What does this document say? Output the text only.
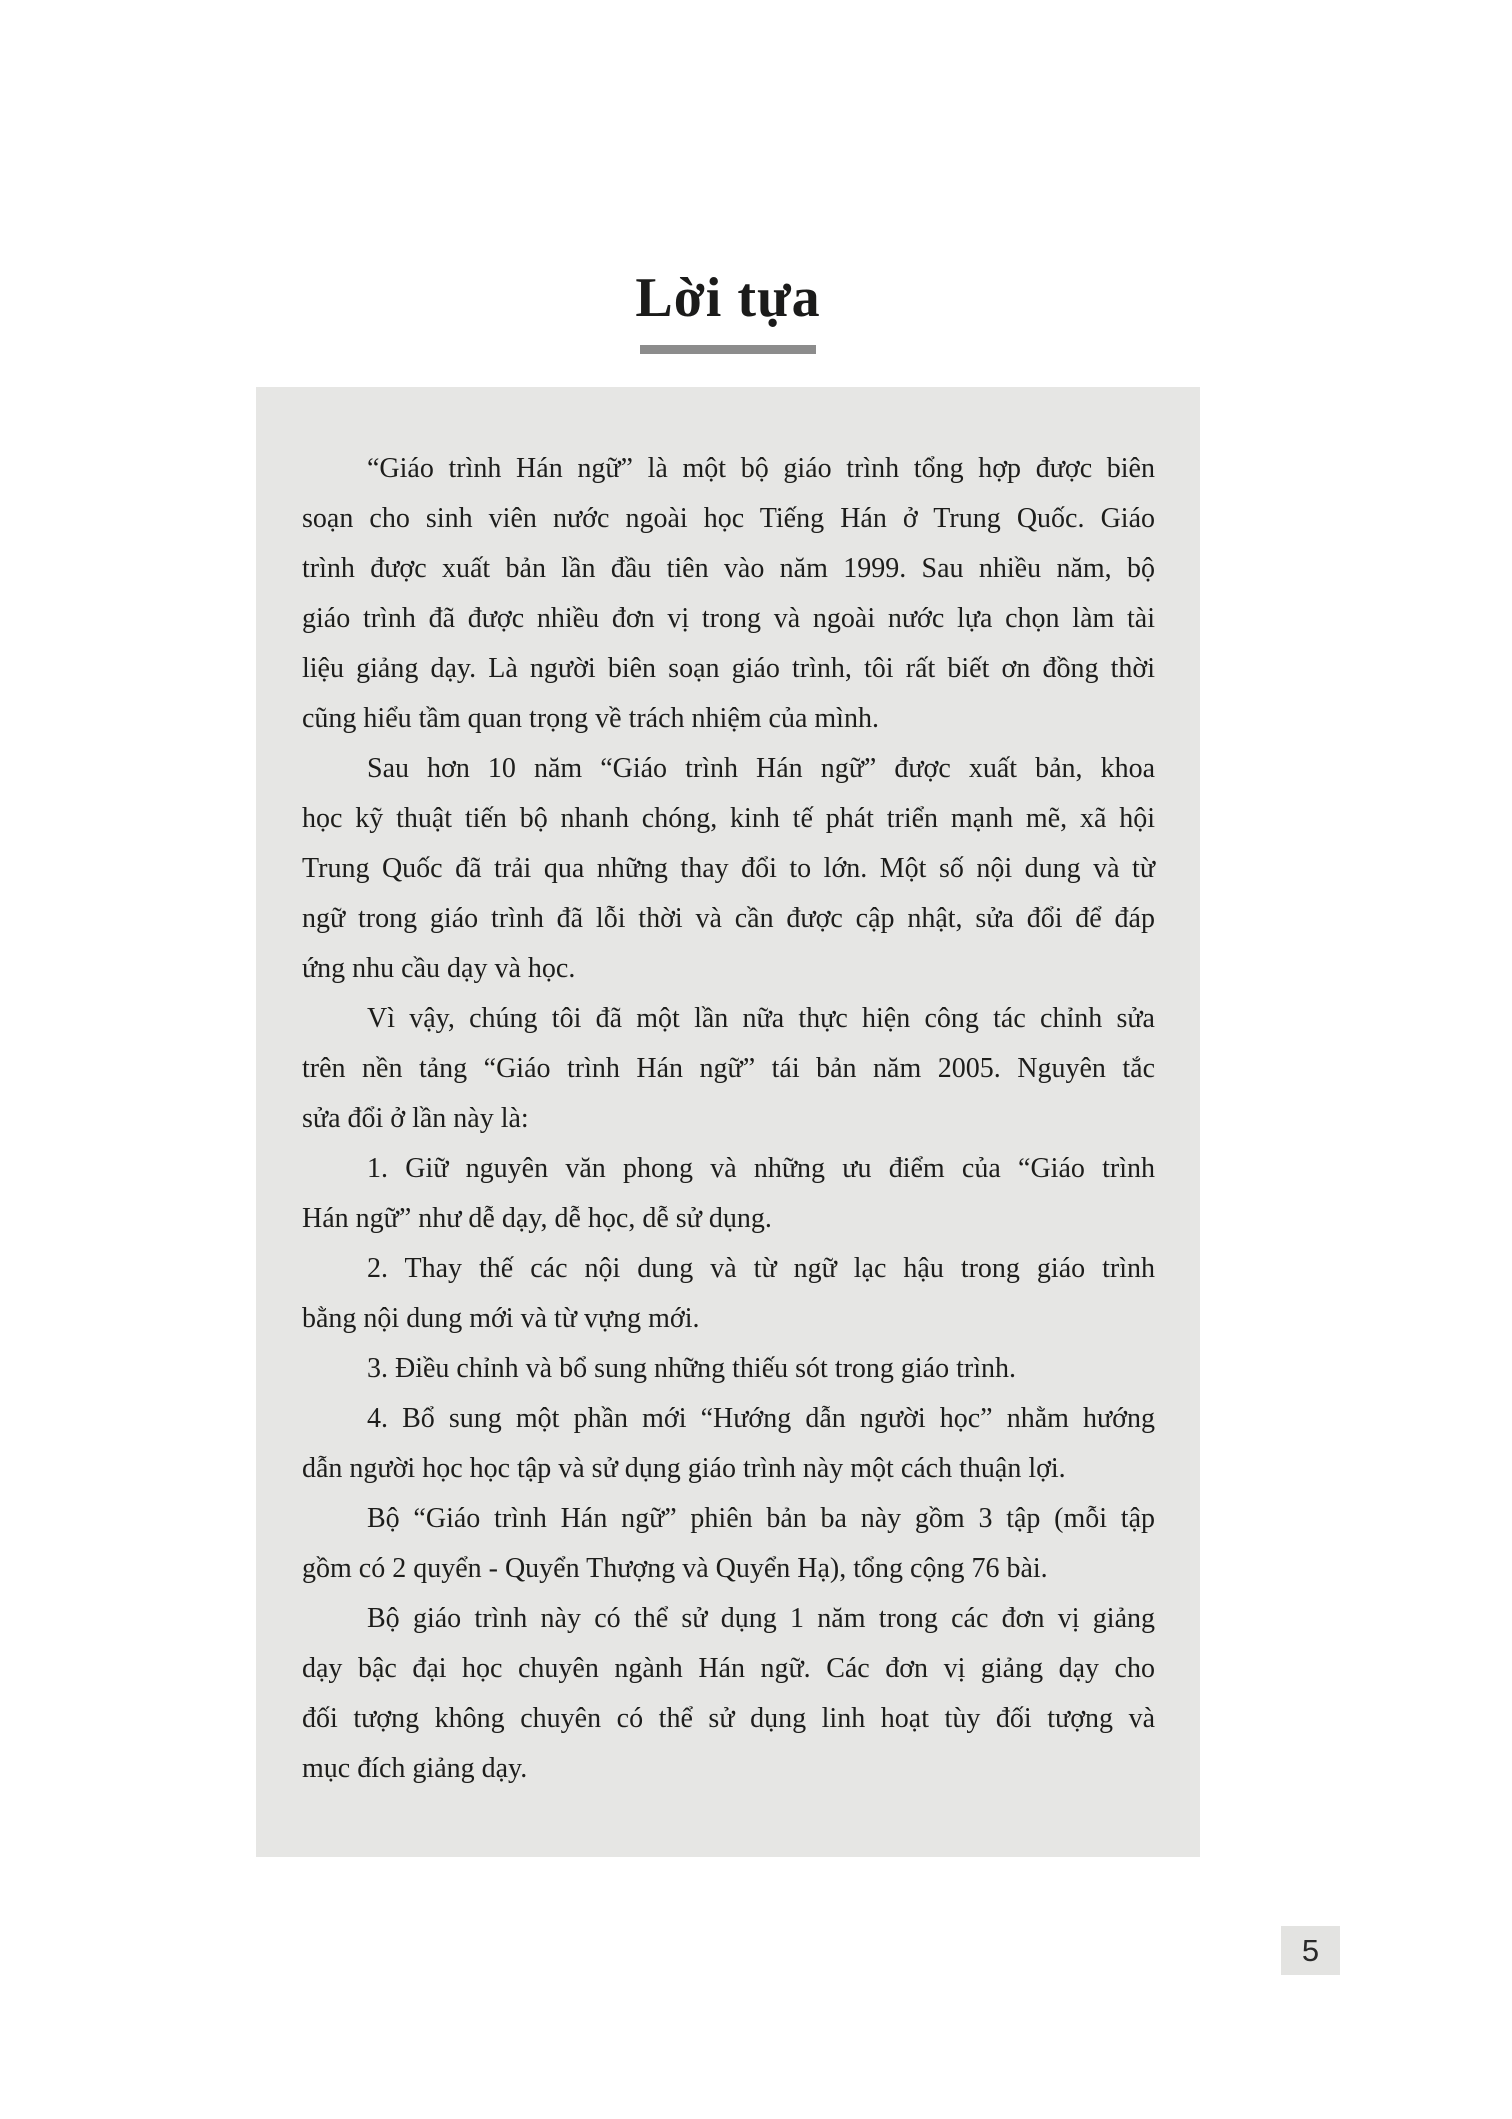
Lời tựa
“Giáo trình Hán ngữ” là một bộ giáo trình tổng hợp được biên
soạn cho sinh viên nước ngoài học Tiếng Hán ở Trung Quốc. Giáo
trình được xuất bản lần đầu tiên vào năm 1999. Sau nhiều năm, bộ
giáo trình đã được nhiều đơn vị trong và ngoài nước lựa chọn làm tài
liệu giảng dạy. Là người biên soạn giáo trình, tôi rất biết ơn đồng thời
cũng hiểu tầm quan trọng về trách nhiệm của mình.
Sau hơn 10 năm “Giáo trình Hán ngữ” được xuất bản, khoa
học kỹ thuật tiến bộ nhanh chóng, kinh tế phát triển mạnh mẽ, xã hội
Trung Quốc đã trải qua những thay đổi to lớn. Một số nội dung và từ
ngữ trong giáo trình đã lỗi thời và cần được cập nhật, sửa đổi để đáp
ứng nhu cầu dạy và học.
Vì vậy, chúng tôi đã một lần nữa thực hiện công tác chỉnh sửa
trên nền tảng “Giáo trình Hán ngữ” tái bản năm 2005. Nguyên tắc
sửa đổi ở lần này là:
1. Giữ nguyên văn phong và những ưu điểm của “Giáo trình
Hán ngữ” như dễ dạy, dễ học, dễ sử dụng.
2. Thay thế các nội dung và từ ngữ lạc hậu trong giáo trình
bằng nội dung mới và từ vựng mới.
3. Điều chỉnh và bổ sung những thiếu sót trong giáo trình.
4. Bổ sung một phần mới “Hướng dẫn người học” nhằm hướng
dẫn người học học tập và sử dụng giáo trình này một cách thuận lợi.
Bộ “Giáo trình Hán ngữ” phiên bản ba này gồm 3 tập (mỗi tập
gồm có 2 quyển - Quyển Thượng và Quyển Hạ), tổng cộng 76 bài.
Bộ giáo trình này có thể sử dụng 1 năm trong các đơn vị giảng
dạy bậc đại học chuyên ngành Hán ngữ. Các đơn vị giảng dạy cho
đối tượng không chuyên có thể sử dụng linh hoạt tùy đối tượng và
mục đích giảng dạy.
5
